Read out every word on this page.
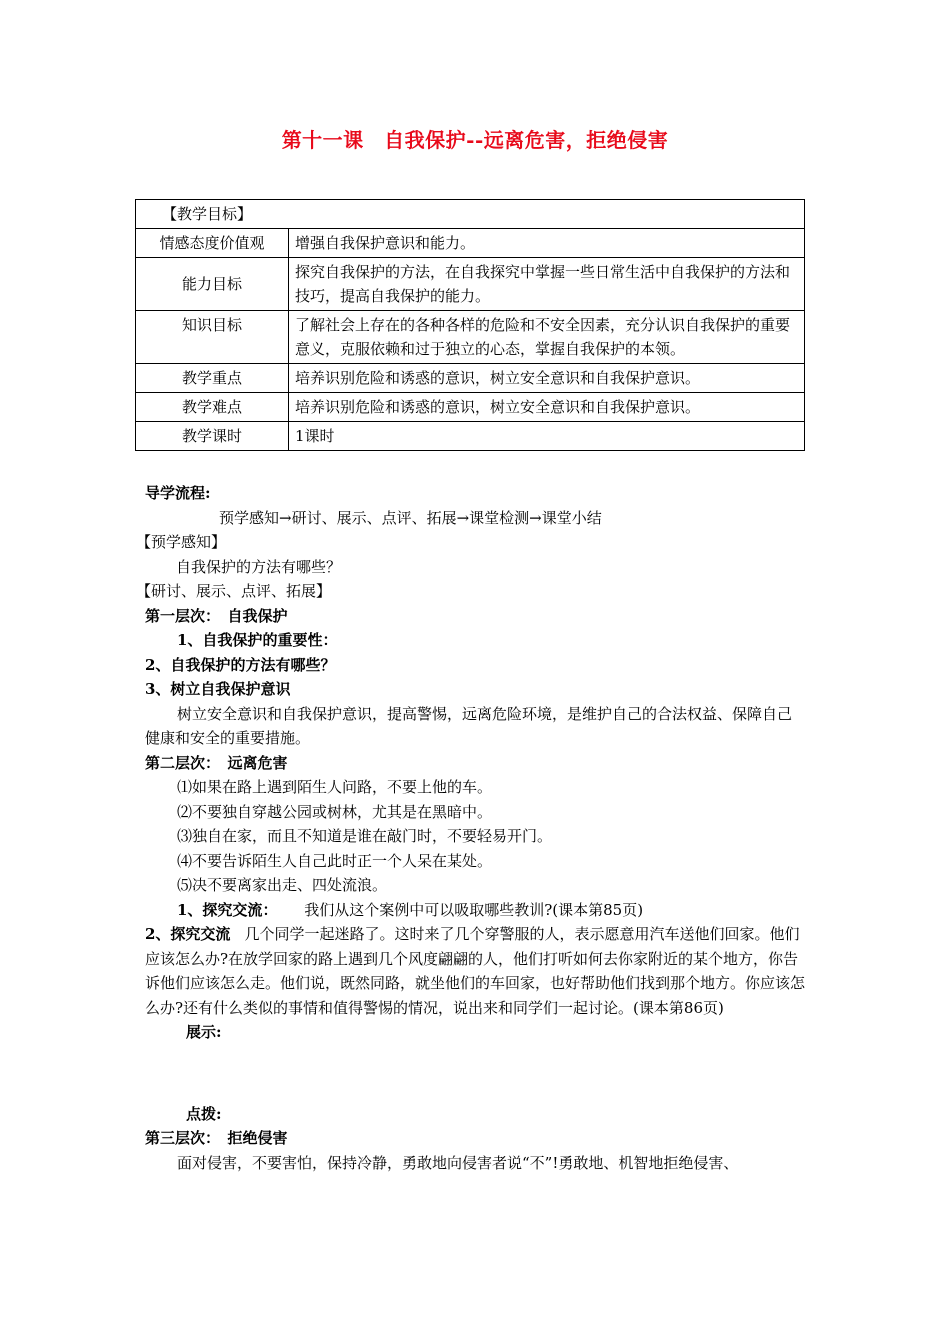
第十一课　自我保护--远离危害，拒绝侵害
【教学目标】	
情感态度价值观	增强自我保护意识和能力。
能力目标	探究自我保护的方法，在自我探究中掌握一些日常生活中自我保护的方法和技巧，提高自我保护的能力。
知识目标	了解社会上存在的各种各样的危险和不安全因素，充分认识自我保护的重要意义，克服依赖和过于独立的心态，掌握自我保护的本领。
教学重点	培养识别危险和诱惑的意识，树立安全意识和自我保护意识。
教学难点	培养识别危险和诱惑的意识，树立安全意识和自我保护意识。
教学课时	1课时

导学流程:

预学感知→研讨、展示、点评、拓展→课堂检测→课堂小结

【预学感知】

自我保护的方法有哪些？

【研讨、展示、点评、拓展】

第一层次：　自我保护

1、自我保护的重要性：

2、自我保护的方法有哪些？

3、树立自我保护意识

树立安全意识和自我保护意识，提高警惕，远离危险环境，是维护自己的合法权益、保障自己健康和安全的重要措施。

第二层次：　远离危害

⑴如果在路上遇到陌生人问路，不要上他的车。

⑵不要独自穿越公园或树林，尤其是在黑暗中。

⑶独自在家，而且不知道是谁在敲门时，不要轻易开门。

⑷不要告诉陌生人自己此时正一个人呆在某处。

⑸决不要离家出走、四处流浪。

1、探究交流： 我们从这个案例中可以吸取哪些教训?(课本第85页)

2、探究交流 几个同学一起迷路了。这时来了几个穿警服的人，表示愿意用汽车送他们回家。他们应该怎么办?在放学回家的路上遇到几个风度翩翩的人，他们打听如何去你家附近的某个地方，你告诉他们应该怎么走。他们说，既然同路，就坐他们的车回家，也好帮助他们找到那个地方。你应该怎么办?还有什么类似的事情和值得警惕的情况，说出来和同学们一起讨论。(课本第86页)

展示:

点拨:

第三层次：　拒绝侵害

面对侵害，不要害怕，保持冷静，勇敢地向侵害者说“不”!勇敢地、机智地拒绝侵害、
